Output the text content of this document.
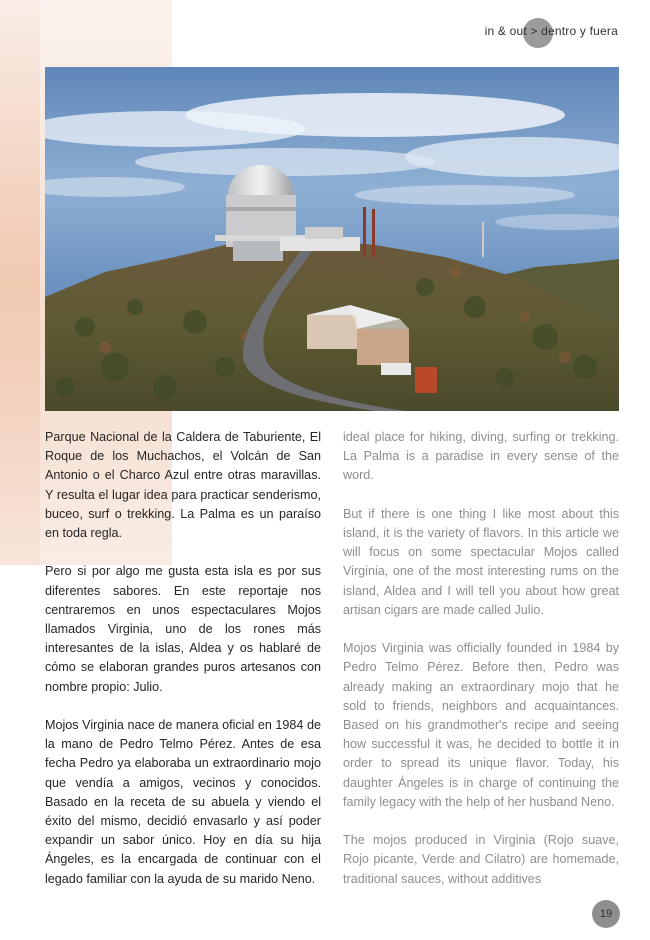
in & out > dentro y fuera

Parque Nacional de la Caldera de Taburiente, El Roque de los Muchachos, el Volcán de San Antonio o el Charco Azul entre otras maravillas. Y resulta el lugar idea para practicar senderismo, buceo, surf o trekking. La Palma es un paraíso en toda regla.

Pero si por algo me gusta esta isla es por sus diferentes sabores. En este reportaje nos centraremos en unos espectaculares Mojos llamados Virginia, uno de los rones más interesantes de la islas, Aldea y os hablaré de cómo se elaboran grandes puros artesanos con nombre propio: Julio.

Mojos Virginia nace de manera oficial en 1984 de la mano de Pedro Telmo Pérez. Antes de esa fecha Pedro ya elaboraba un extraordinario mojo que vendía a amigos, vecinos y conocidos. Basado en la receta de su abuela y viendo el éxito del mismo, decidió envasarlo y así poder expandir un sabor único. Hoy en día su hija Ángeles, es la encargada de continuar con el legado familiar con la ayuda de su marido Neno.

ideal place for hiking, diving, surfing or trekking. La Palma is a paradise in every sense of the word.

But if there is one thing I like most about this island, it is the variety of flavors. In this article we will focus on some spectacular Mojos called Virginia, one of the most interesting rums on the island, Aldea and I will tell you about how great artisan cigars are made called Julio.

Mojos Virginia was officially founded in 1984 by Pedro Telmo Pérez. Before then, Pedro was already making an extraordinary mojo that he sold to friends, neighbors and acquaintances. Based on his grandmother's recipe and seeing how successful it was, he decided to bottle it in order to spread its unique flavor. Today, his daughter Ángeles is in charge of continuing the family legacy with the help of her husband Neno.

The mojos produced in Virginia (Rojo suave, Rojo picante, Verde and Cilatro) are homemade, traditional sauces, without additives

19
